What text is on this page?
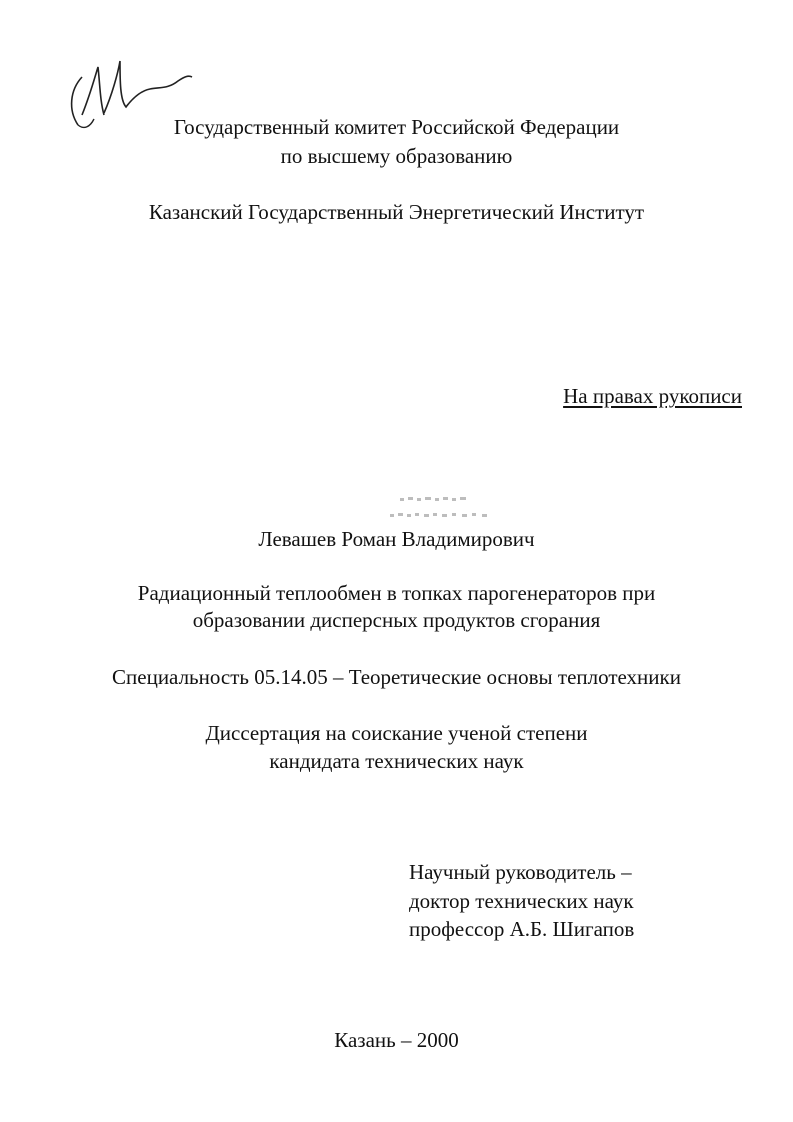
Государственный комитет Российской Федерации
по высшему образованию
Казанский Государственный Энергетический Институт
На правах рукописи
Левашев Роман Владимирович
Радиационный теплообмен в топках парогенераторов при
образовании дисперсных продуктов сгорания
Специальность 05.14.05 – Теоретические основы теплотехники
Диссертация на соискание ученой степени
кандидата технических наук
Научный руководитель –
доктор технических наук
профессор А.Б. Шигапов
Казань – 2000
